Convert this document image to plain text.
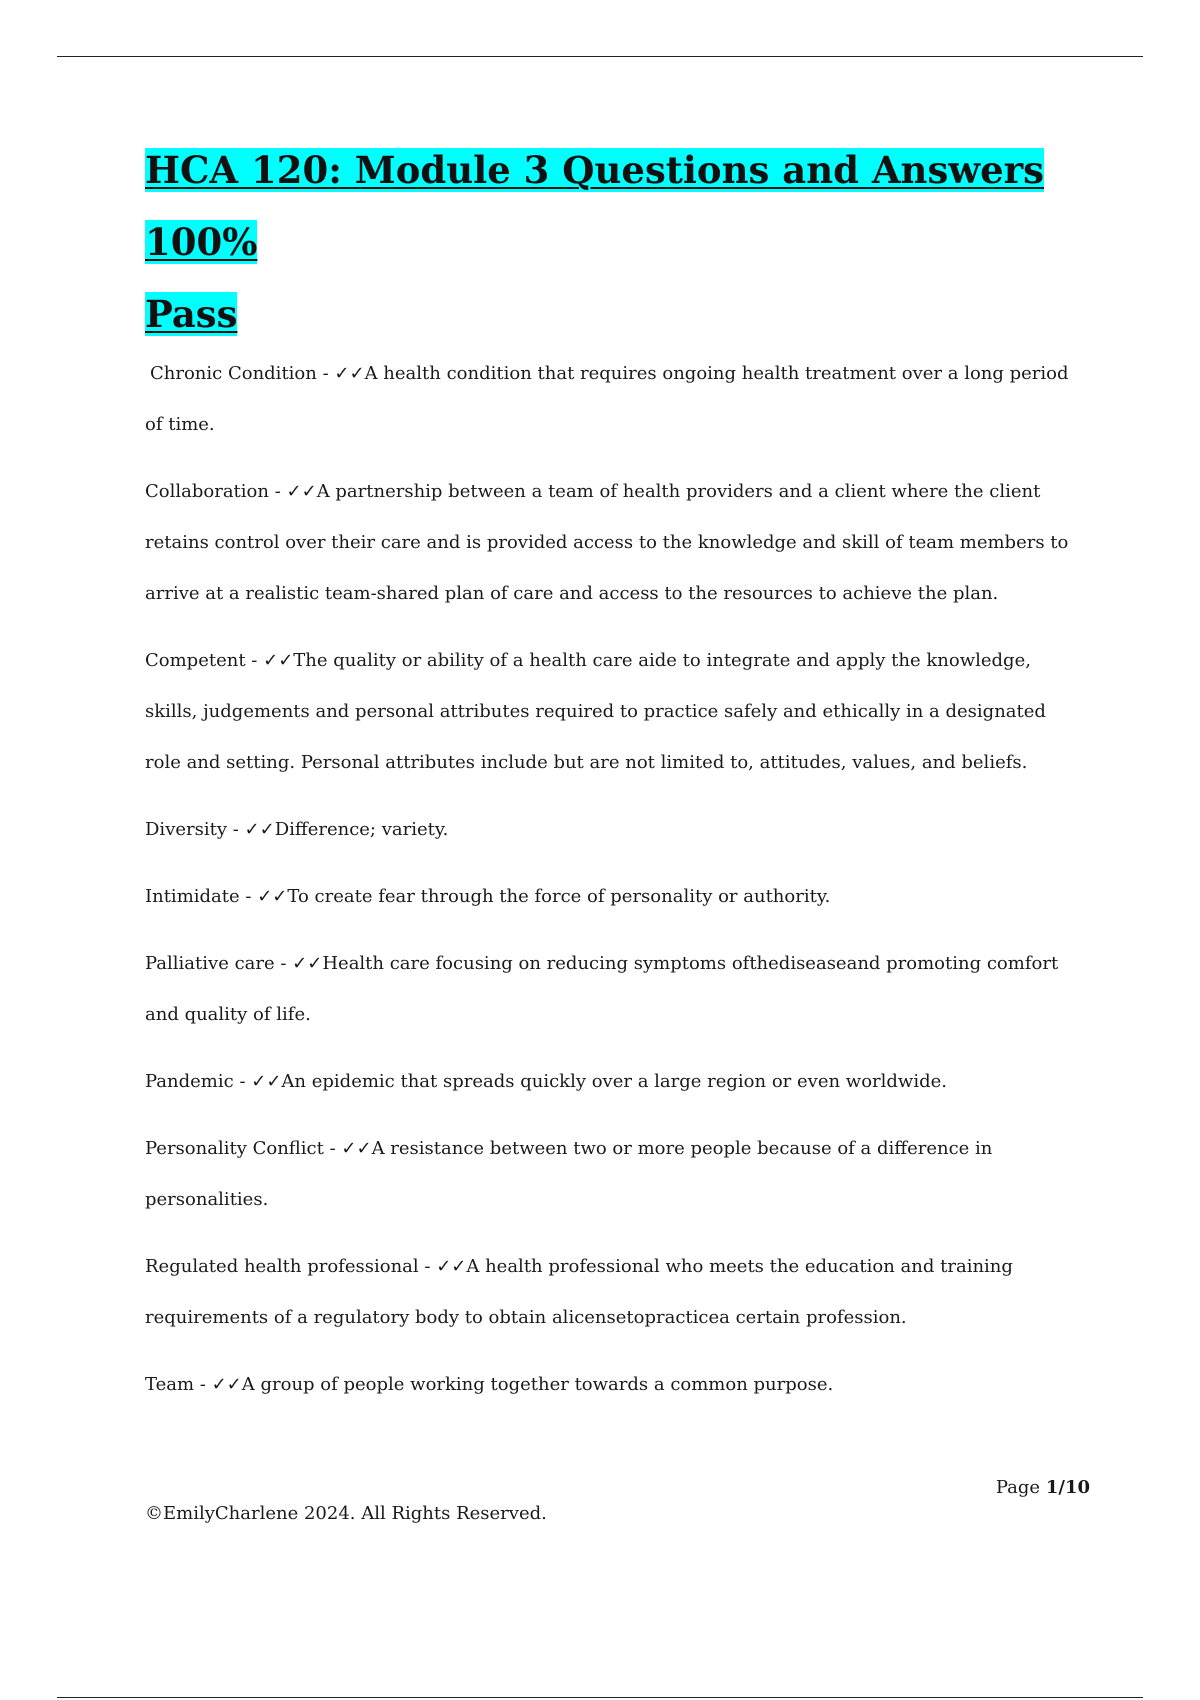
HCA 120: Module 3 Questions and Answers 100%
Pass

Chronic Condition - ✓✓A health condition that requires ongoing health treatment over a long period of time.

Collaboration - ✓✓A partnership between a team of health providers and a client where the client retains control over their care and is provided access to the knowledge and skill of team members to arrive at a realistic team-shared plan of care and access to the resources to achieve the plan.

Competent - ✓✓The quality or ability of a health care aide to integrate and apply the knowledge, skills, judgements and personal attributes required to practice safely and ethically in a designated role and setting. Personal attributes include but are not limited to, attitudes, values, and beliefs.

Diversity - ✓✓Difference; variety.

Intimidate - ✓✓To create fear through the force of personality or authority.

Palliative care - ✓✓Health care focusing on reducing symptoms ofthediseaseand promoting comfort and quality of life.

Pandemic - ✓✓An epidemic that spreads quickly over a large region or even worldwide.

Personality Conflict - ✓✓A resistance between two or more people because of a difference in personalities.

Regulated health professional - ✓✓A health professional who meets the education and training requirements of a regulatory body to obtain alicensetopracticea certain profession.

Team - ✓✓A group of people working together towards a common purpose.

Page 1/10
©EmilyCharlene 2024. All Rights Reserved.
